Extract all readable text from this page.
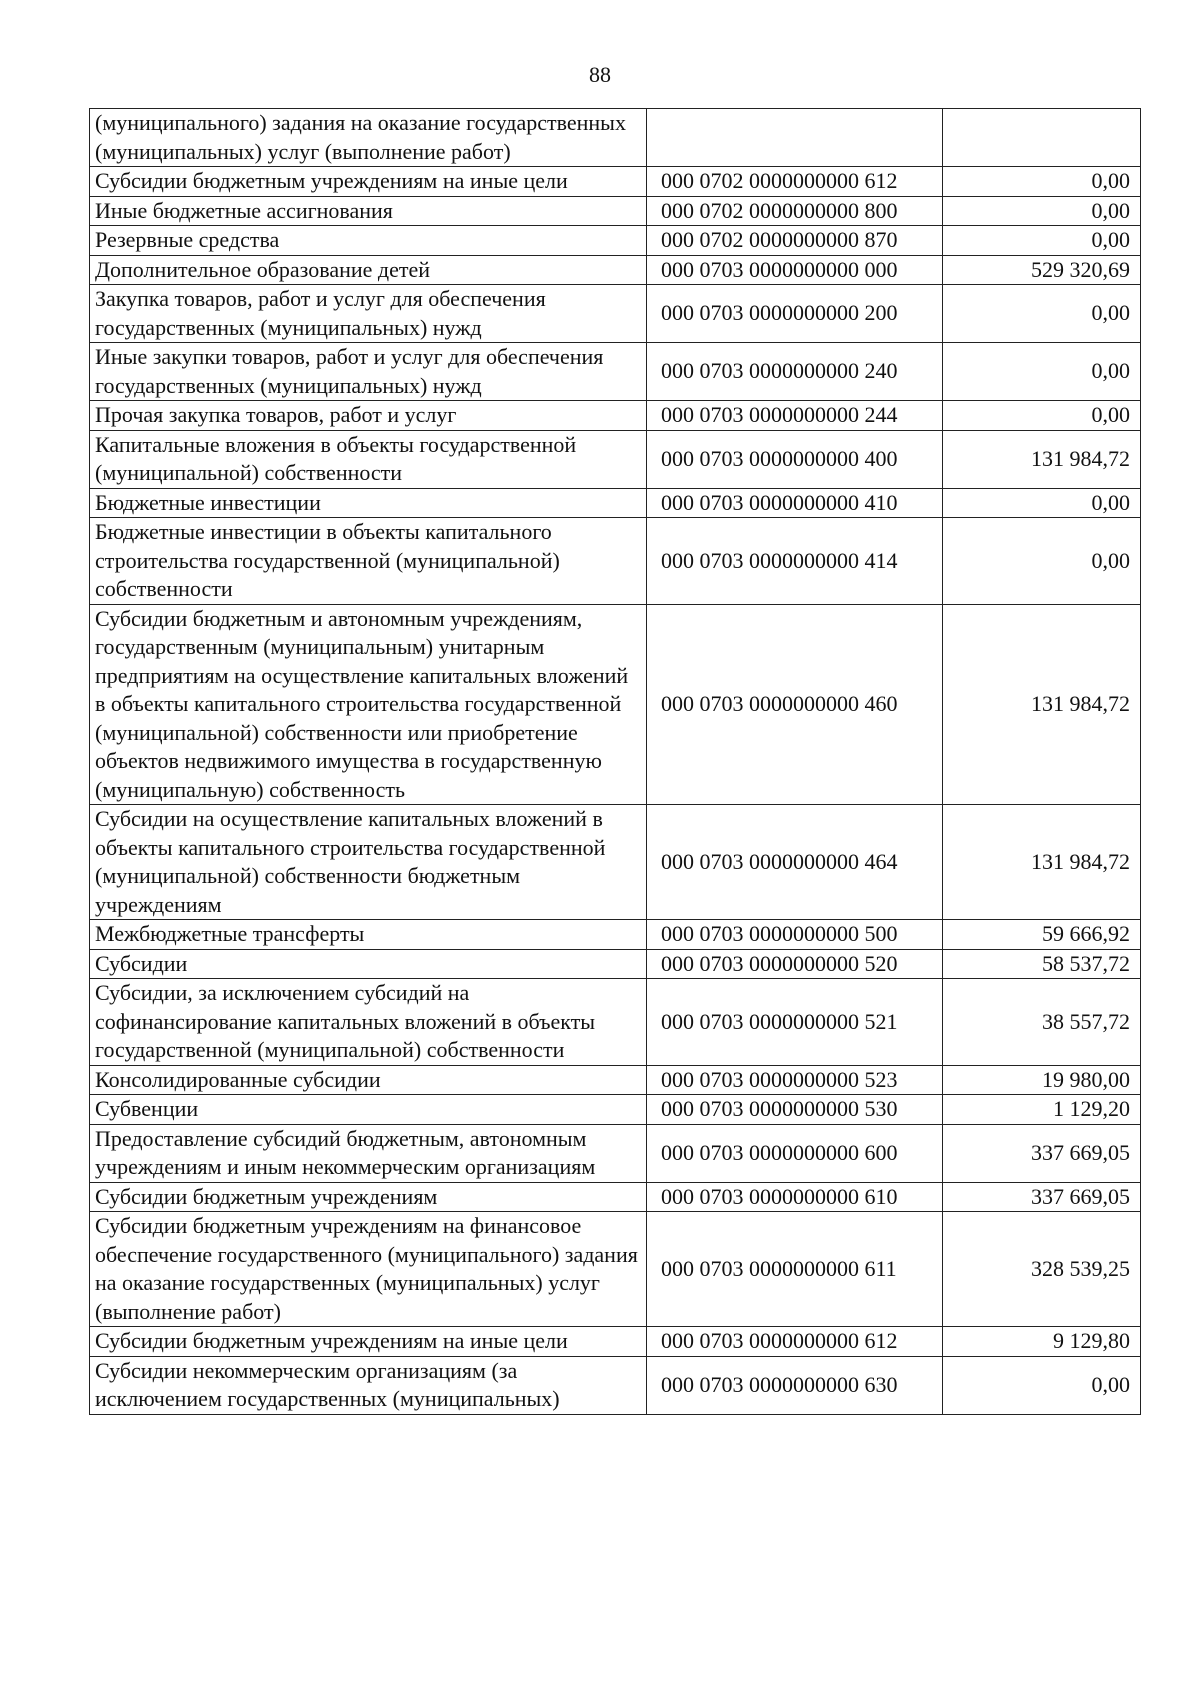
88
(муниципального) задания на оказание государственных (муниципальных) услуг (выполнение работ)		
Субсидии бюджетным учреждениям на иные цели	000 0702 0000000000 612	0,00
Иные бюджетные ассигнования	000 0702 0000000000 800	0,00
Резервные средства	000 0702 0000000000 870	0,00
Дополнительное образование детей	000 0703 0000000000 000	529 320,69
Закупка товаров, работ и услуг для обеспечения государственных (муниципальных) нужд	000 0703 0000000000 200	0,00
Иные закупки товаров, работ и услуг для обеспечения государственных (муниципальных) нужд	000 0703 0000000000 240	0,00
Прочая закупка товаров, работ и услуг	000 0703 0000000000 244	0,00
Капитальные вложения в объекты государственной (муниципальной) собственности	000 0703 0000000000 400	131 984,72
Бюджетные инвестиции	000 0703 0000000000 410	0,00
Бюджетные инвестиции в объекты капитального строительства государственной (муниципальной) собственности	000 0703 0000000000 414	0,00
Субсидии бюджетным и автономным учреждениям, государственным (муниципальным) унитарным предприятиям на осуществление капитальных вложений в объекты капитального строительства государственной (муниципальной) собственности или приобретение объектов недвижимого имущества в государственную (муниципальную) собственность	000 0703 0000000000 460	131 984,72
Субсидии на осуществление капитальных вложений в объекты капитального строительства государственной (муниципальной) собственности бюджетным учреждениям	000 0703 0000000000 464	131 984,72
Межбюджетные трансферты	000 0703 0000000000 500	59 666,92
Субсидии	000 0703 0000000000 520	58 537,72
Субсидии, за исключением субсидий на софинансирование капитальных вложений в объекты государственной (муниципальной) собственности	000 0703 0000000000 521	38 557,72
Консолидированные субсидии	000 0703 0000000000 523	19 980,00
Субвенции	000 0703 0000000000 530	1 129,20
Предоставление субсидий бюджетным, автономным учреждениям и иным некоммерческим организациям	000 0703 0000000000 600	337 669,05
Субсидии бюджетным учреждениям	000 0703 0000000000 610	337 669,05
Субсидии бюджетным учреждениям на финансовое обеспечение государственного (муниципального) задания на оказание государственных (муниципальных) услуг (выполнение работ)	000 0703 0000000000 611	328 539,25
Субсидии бюджетным учреждениям на иные цели	000 0703 0000000000 612	9 129,80
Субсидии некоммерческим организациям (за исключением государственных (муниципальных)	000 0703 0000000000 630	0,00
